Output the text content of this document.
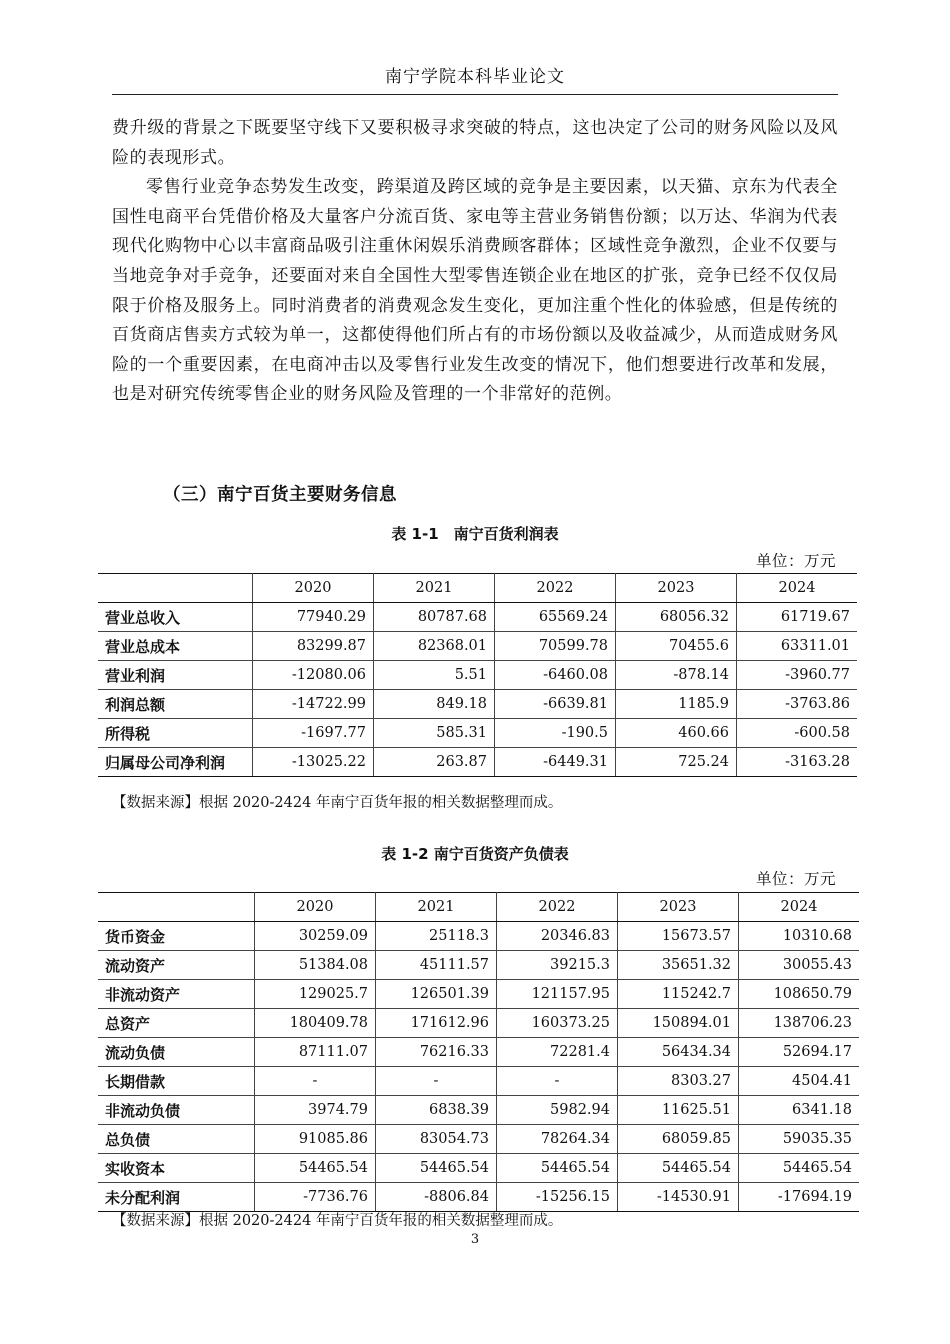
南宁学院本科毕业论文

费升级的背景之下既要坚守线下又要积极寻求突破的特点，这也决定了公司的财务风险以及风险的表现形式。

零售行业竞争态势发生改变，跨渠道及跨区域的竞争是主要因素，以天猫、京东为代表全国性电商平台凭借价格及大量客户分流百货、家电等主营业务销售份额；以万达、华润为代表现代化购物中心以丰富商品吸引注重休闲娱乐消费顾客群体；区域性竞争激烈，企业不仅要与当地竞争对手竞争，还要面对来自全国性大型零售连锁企业在地区的扩张，竞争已经不仅仅局限于价格及服务上。同时消费者的消费观念发生变化，更加注重个性化的体验感，但是传统的百货商店售卖方式较为单一，这都使得他们所占有的市场份额以及收益减少，从而造成财务风险的一个重要因素，在电商冲击以及零售行业发生改变的情况下，他们想要进行改革和发展，也是对研究传统零售企业的财务风险及管理的一个非常好的范例。

（三）南宁百货主要财务信息
表 1-1　南宁百货利润表
单位：万元
	2020	2021	2022	2023	2024
营业总收入	77940.29	80787.68	65569.24	68056.32	61719.67
营业总成本	83299.87	82368.01	70599.78	70455.6	63311.01
营业利润	-12080.06	5.51	-6460.08	-878.14	-3960.77
利润总额	-14722.99	849.18	-6639.81	1185.9	-3763.86
所得税	-1697.77	585.31	-190.5	460.66	-600.58
归属母公司净利润	-13025.22	263.87	-6449.31	725.24	-3163.28
【数据来源】根据 2020-2424 年南宁百货年报的相关数据整理而成。
表 1-2 南宁百货资产负债表
单位：万元
	2020	2021	2022	2023	2024
货币资金	30259.09	25118.3	20346.83	15673.57	10310.68
流动资产	51384.08	45111.57	39215.3	35651.32	30055.43
非流动资产	129025.7	126501.39	121157.95	115242.7	108650.79
总资产	180409.78	171612.96	160373.25	150894.01	138706.23
流动负债	87111.07	76216.33	72281.4	56434.34	52694.17
长期借款	-	-	-	8303.27	4504.41
非流动负债	3974.79	6838.39	5982.94	11625.51	6341.18
总负债	91085.86	83054.73	78264.34	68059.85	59035.35
实收资本	54465.54	54465.54	54465.54	54465.54	54465.54
未分配利润	-7736.76	-8806.84	-15256.15	-14530.91	-17694.19
【数据来源】根据 2020-2424 年南宁百货年报的相关数据整理而成。
3
